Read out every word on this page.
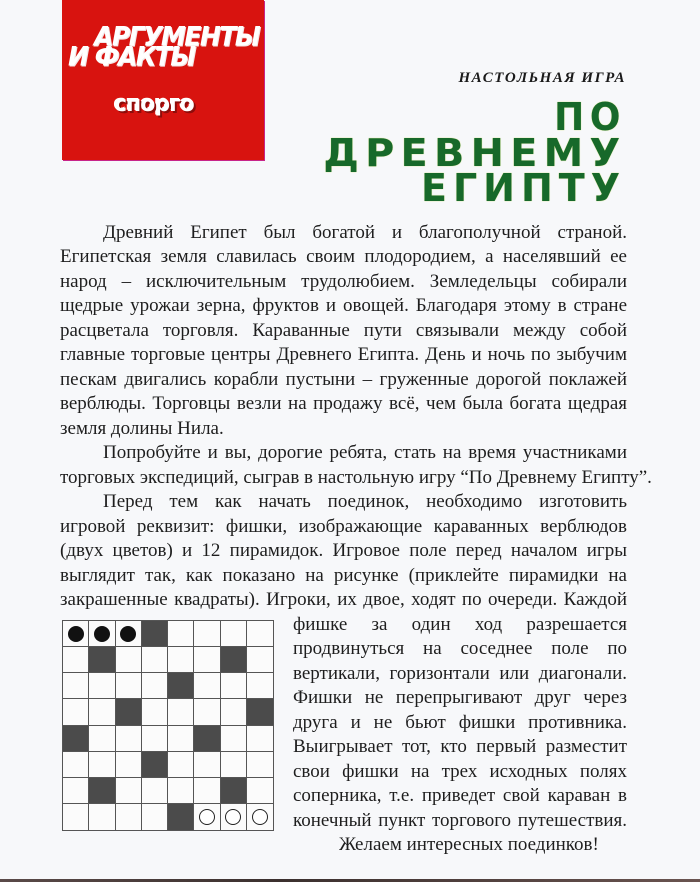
АРГУМЕНТЫ
И ФАКТЫ
спорго
НАСТОЛЬНАЯ ИГРА
ПО
ДРЕВНЕМУ
ЕГИПТУ
Древний Египет был богатой и благополучной страной.
Египетская земля славилась своим плодородием, а населявший ее
народ – исключительным трудолюбием. Земледельцы собирали
щедрые урожаи зерна, фруктов и овощей. Благодаря этому в стране
расцветала торговля. Караванные пути связывали между собой
главные торговые центры Древнего Египта. День и ночь по зыбучим
пескам двигались корабли пустыни – груженные дорогой поклажей
верблюды. Торговцы везли на продажу всё, чем была богата щедрая
земля долины Нила.
Попробуйте и вы, дорогие ребята, стать на время участниками
торговых экспедиций, сыграв в настольную игру “По Древнему Египту”.
Перед тем как начать поединок, необходимо изготовить
игровой реквизит: фишки, изображающие караванных верблюдов
(двух цветов) и 12 пирамидок. Игровое поле перед началом игры
выглядит так, как показано на рисунке (приклейте пирамидки на
закрашенные квадраты). Игроки, их двое, ходят по очереди. Каждой
фишке за один ход разрешается
продвинуться на соседнее поле по
вертикали, горизонтали или диагонали.
Фишки не перепрыгивают друг через
друга и не бьют фишки противника.
Выигрывает тот, кто первый разместит
свои фишки на трех исходных полях
соперника, т.е. приведет свой караван в
конечный пункт торгового путешествия.
Желаем интересных поединков!
